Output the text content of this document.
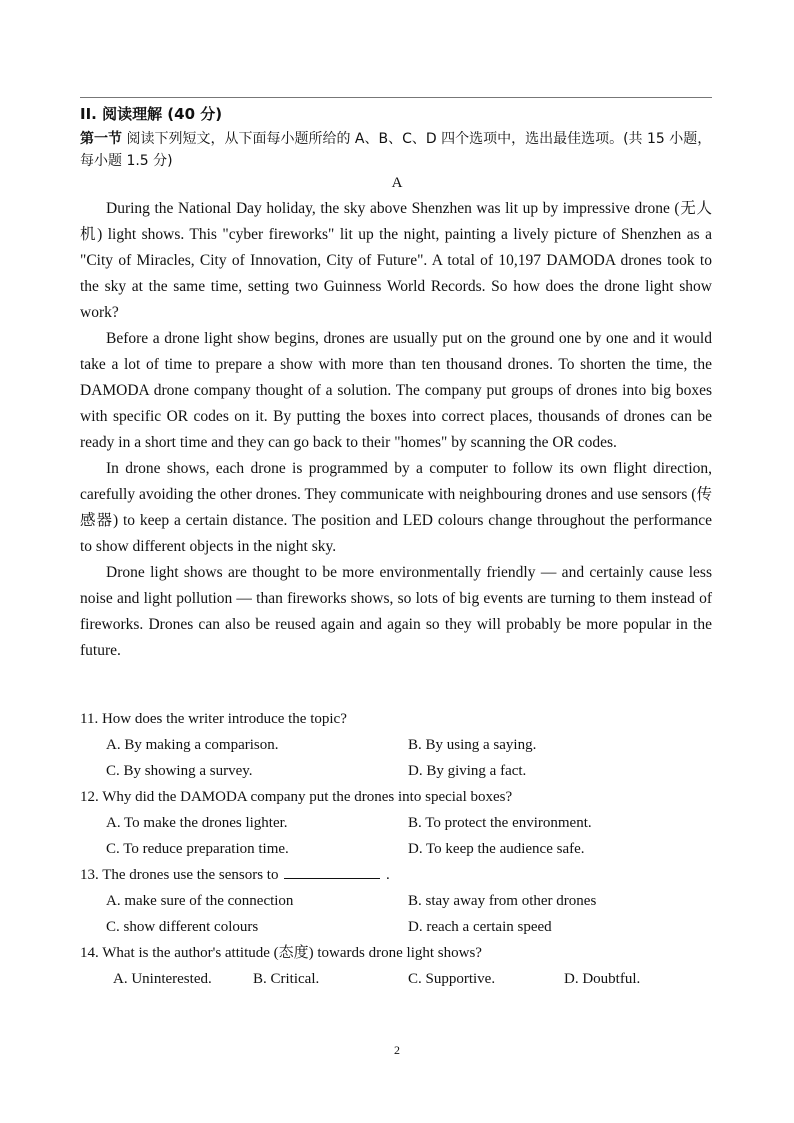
II. 阅读理解 (40 分)
第一节 阅读下列短文，从下面每小题所给的 A、B、C、D 四个选项中，选出最佳选项。(共 15 小题，每小题 1.5 分)
A

During the National Day holiday, the sky above Shenzhen was lit up by impressive drone (无人机) light shows. This "cyber fireworks" lit up the night, painting a lively picture of Shenzhen as a "City of Miracles, City of Innovation, City of Future". A total of 10,197 DAMODA drones took to the sky at the same time, setting two Guinness World Records. So how does the drone light show work?

Before a drone light show begins, drones are usually put on the ground one by one and it would take a lot of time to prepare a show with more than ten thousand drones. To shorten the time, the DAMODA drone company thought of a solution. The company put groups of drones into big boxes with specific OR codes on it. By putting the boxes into correct places, thousands of drones can be ready in a short time and they can go back to their "homes" by scanning the OR codes.

In drone shows, each drone is programmed by a computer to follow its own flight direction, carefully avoiding the other drones. They communicate with neighbouring drones and use sensors (传感器) to keep a certain distance. The position and LED colours change throughout the performance to show different objects in the night sky.

Drone light shows are thought to be more environmentally friendly — and certainly cause less noise and light pollution — than fireworks shows, so lots of big events are turning to them instead of fireworks. Drones can also be reused again and again so they will probably be more popular in the future.

11. How does the writer introduce the topic?
A. By making a comparison.	B. By using a saying.
C. By showing a survey.	D. By giving a fact.
12. Why did the DAMODA company put the drones into special boxes?
A. To make the drones lighter.	B. To protect the environment.
C. To reduce preparation time.	D. To keep the audience safe.
13. The drones use the sensors to	.
A. make sure of the connection	B. stay away from other drones
C. show different colours	D. reach a certain speed
14. What is the author's attitude (态度) towards drone light shows?
A. Uninterested.	B. Critical.	C. Supportive.	D. Doubtful.
2
